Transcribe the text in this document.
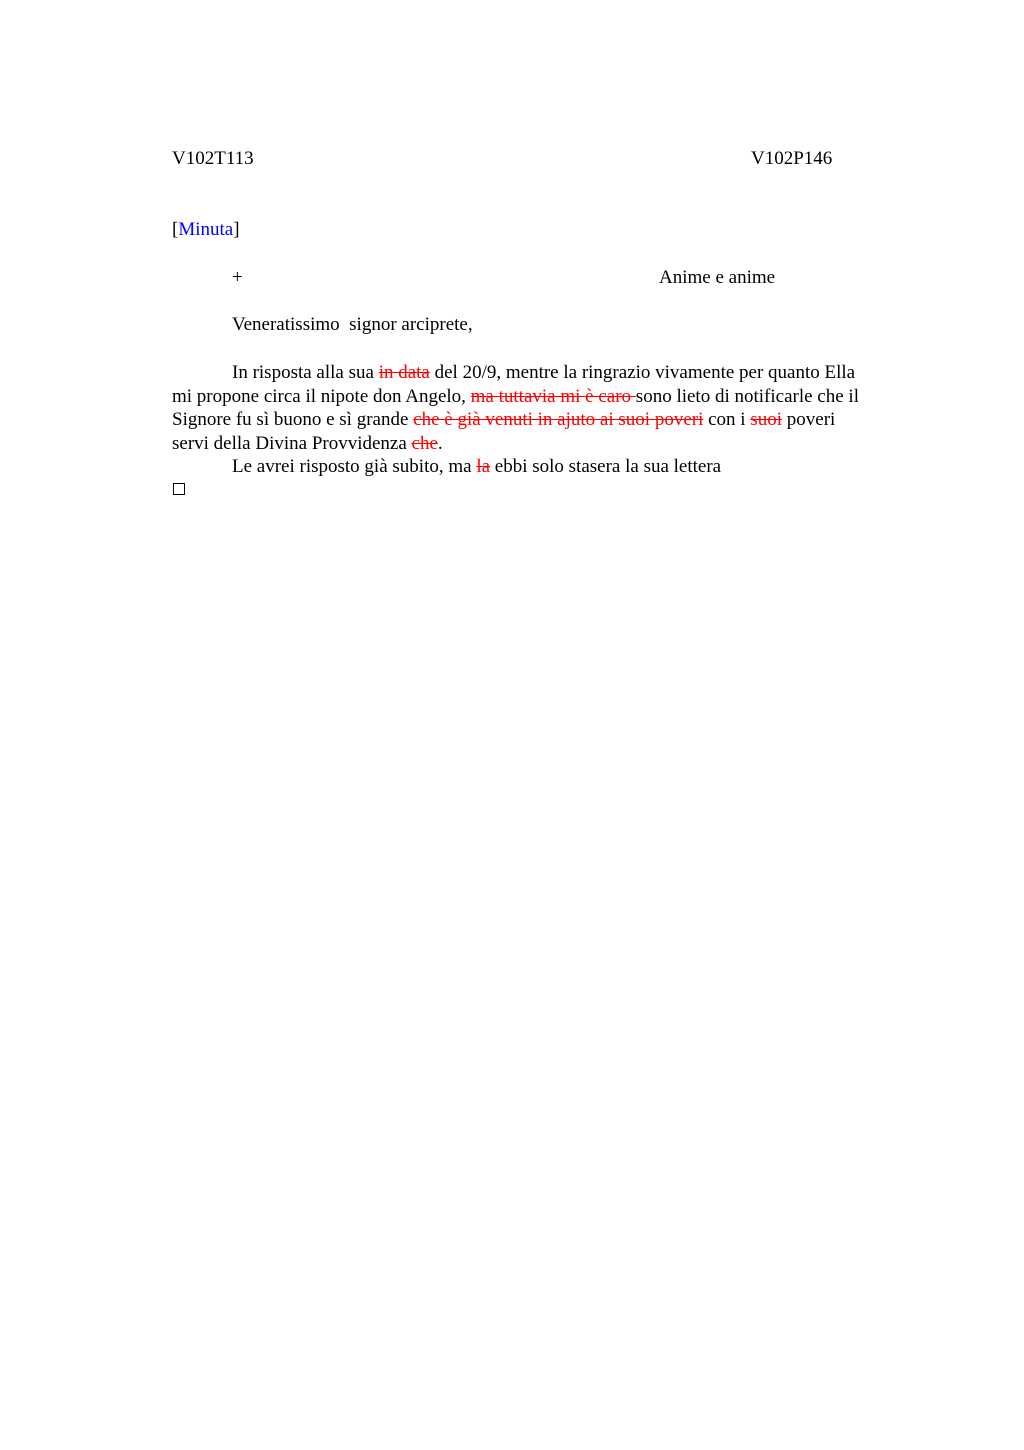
V102T113	V102P146
[Minuta]
+	Anime e anime
Veneratissimo  signor arciprete,
In risposta alla sua in data del 20/9, mentre la ringrazio vivamente per quanto Ella
mi propone circa il nipote don Angelo, ma tuttavia mi è caro sono lieto di notificarle che il
Signore fu sì buono e sì grande che è già venuti in ajuto ai suoi poveri con i suoi poveri
servi della Divina Provvidenza che.
Le avrei risposto già subito, ma la ebbi solo stasera la sua lettera
